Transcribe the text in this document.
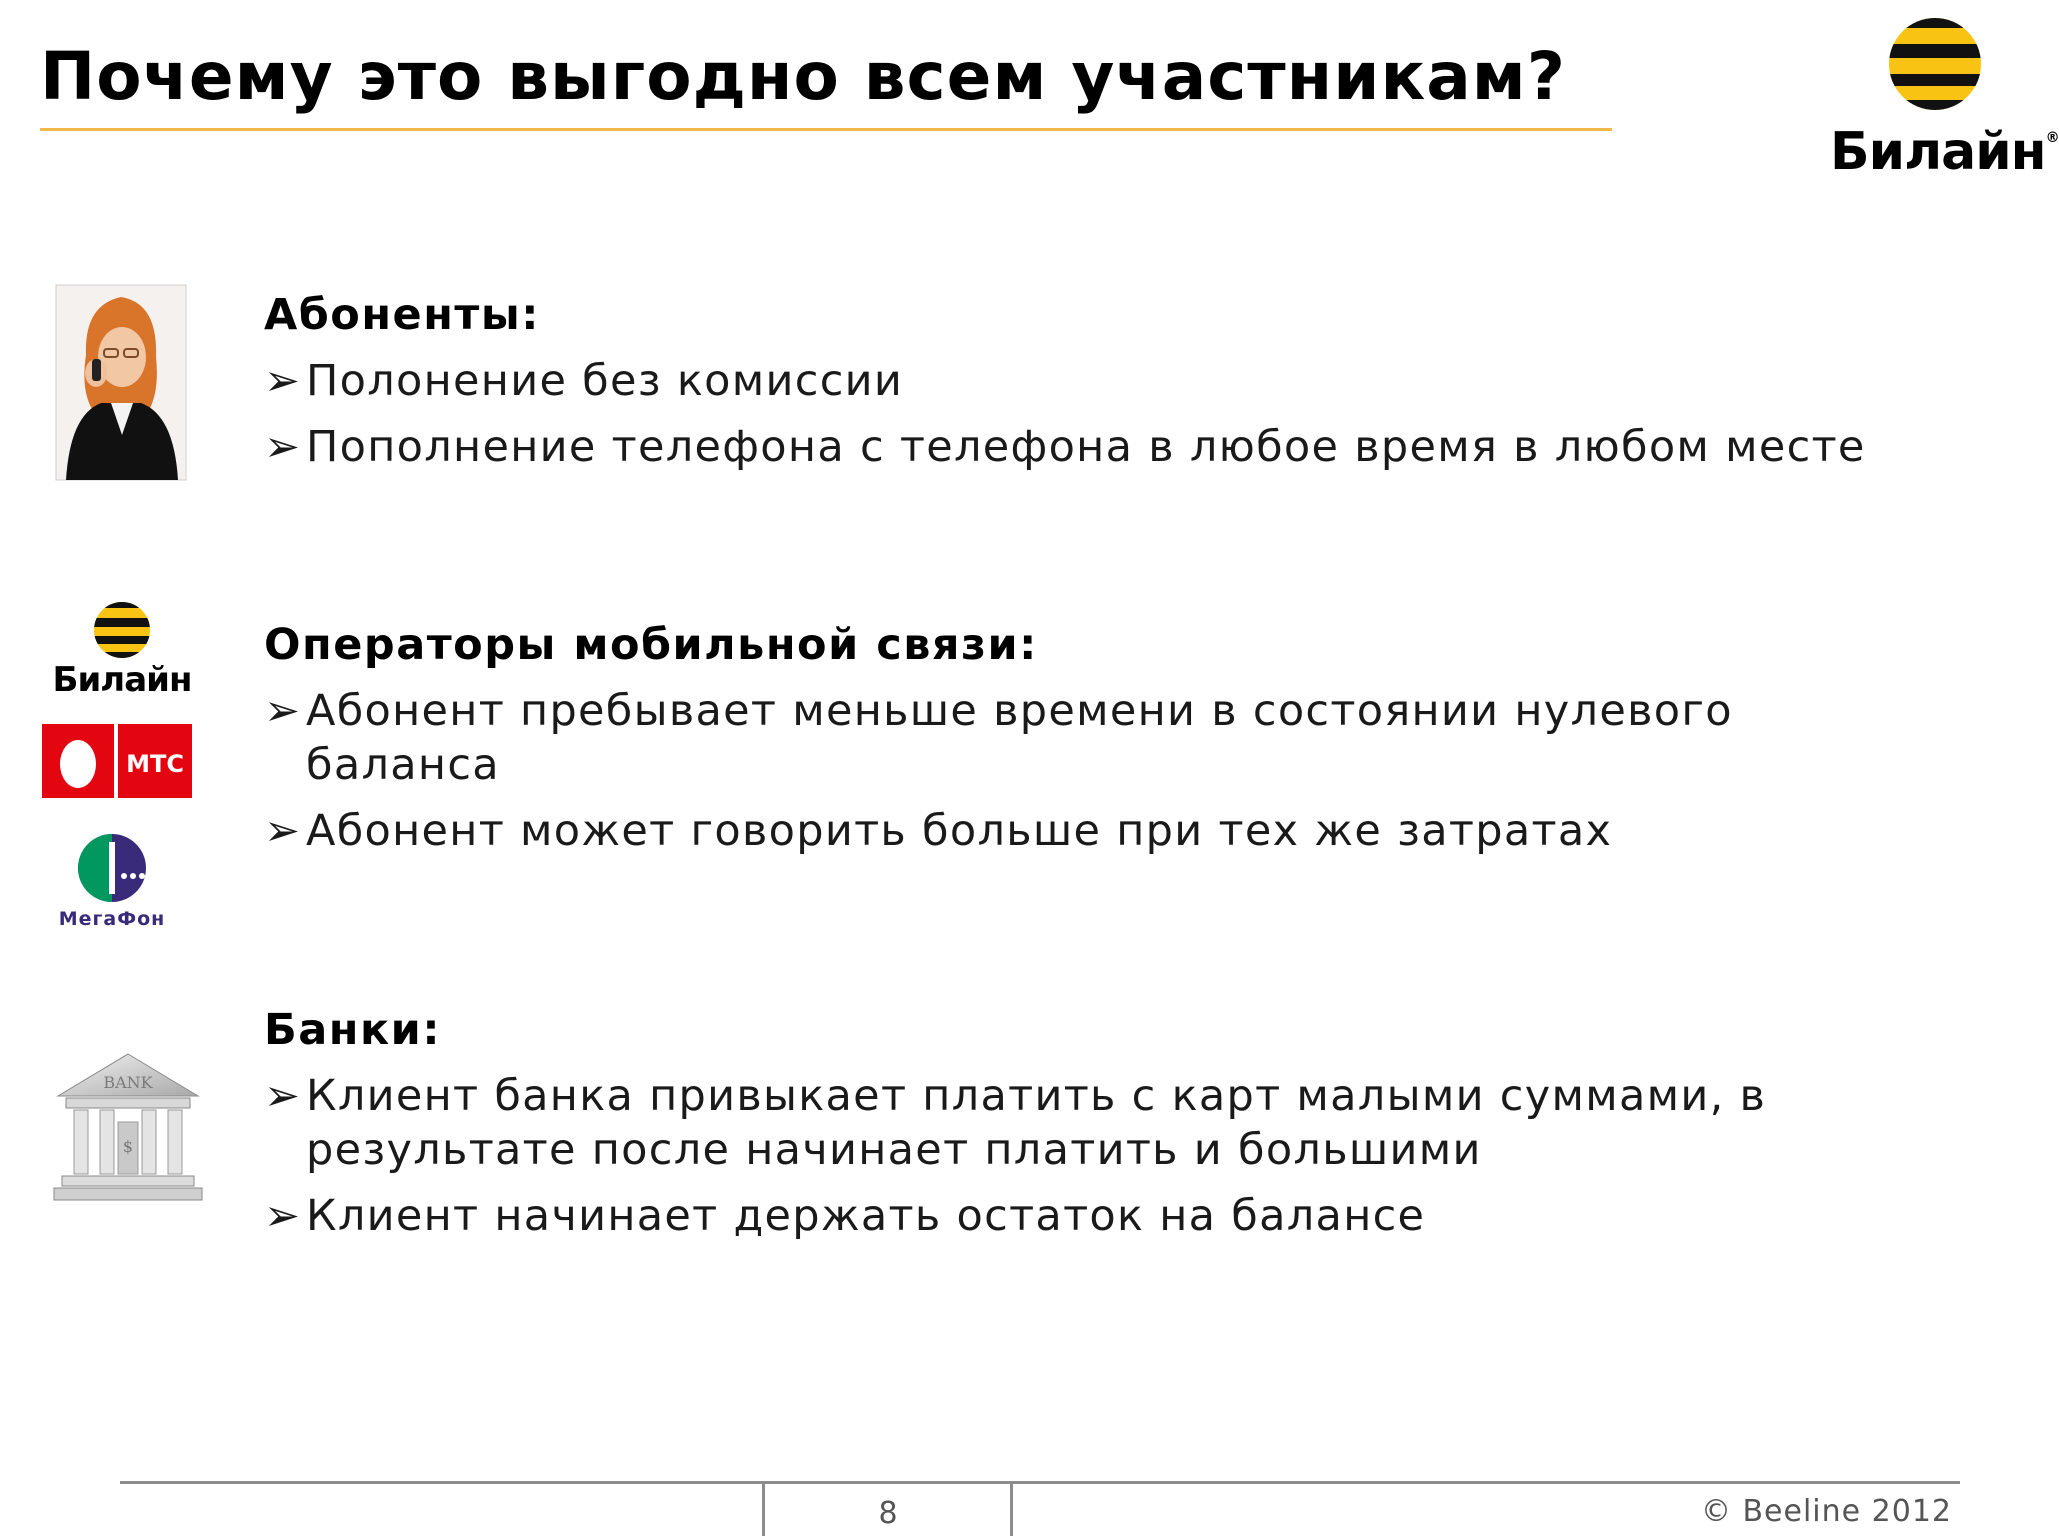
Почему это выгодно всем участникам?
Билайн®
Билайн
МТС
МегаФон
BANK
$
Абоненты:
➢ Полонение без комиссии
➢ Пополнение телефона с телефона в любое время в любом месте
Операторы мобильной связи:
➢ Абонент пребывает меньше времени в состоянии нулевого баланса
➢ Абонент может говорить больше при тех же затратах
Банки:
➢ Клиент банка привыкает платить с карт малыми суммами, в результате после начинает платить и большими
➢ Клиент начинает держать остаток на балансе
8	© Beeline 2012
